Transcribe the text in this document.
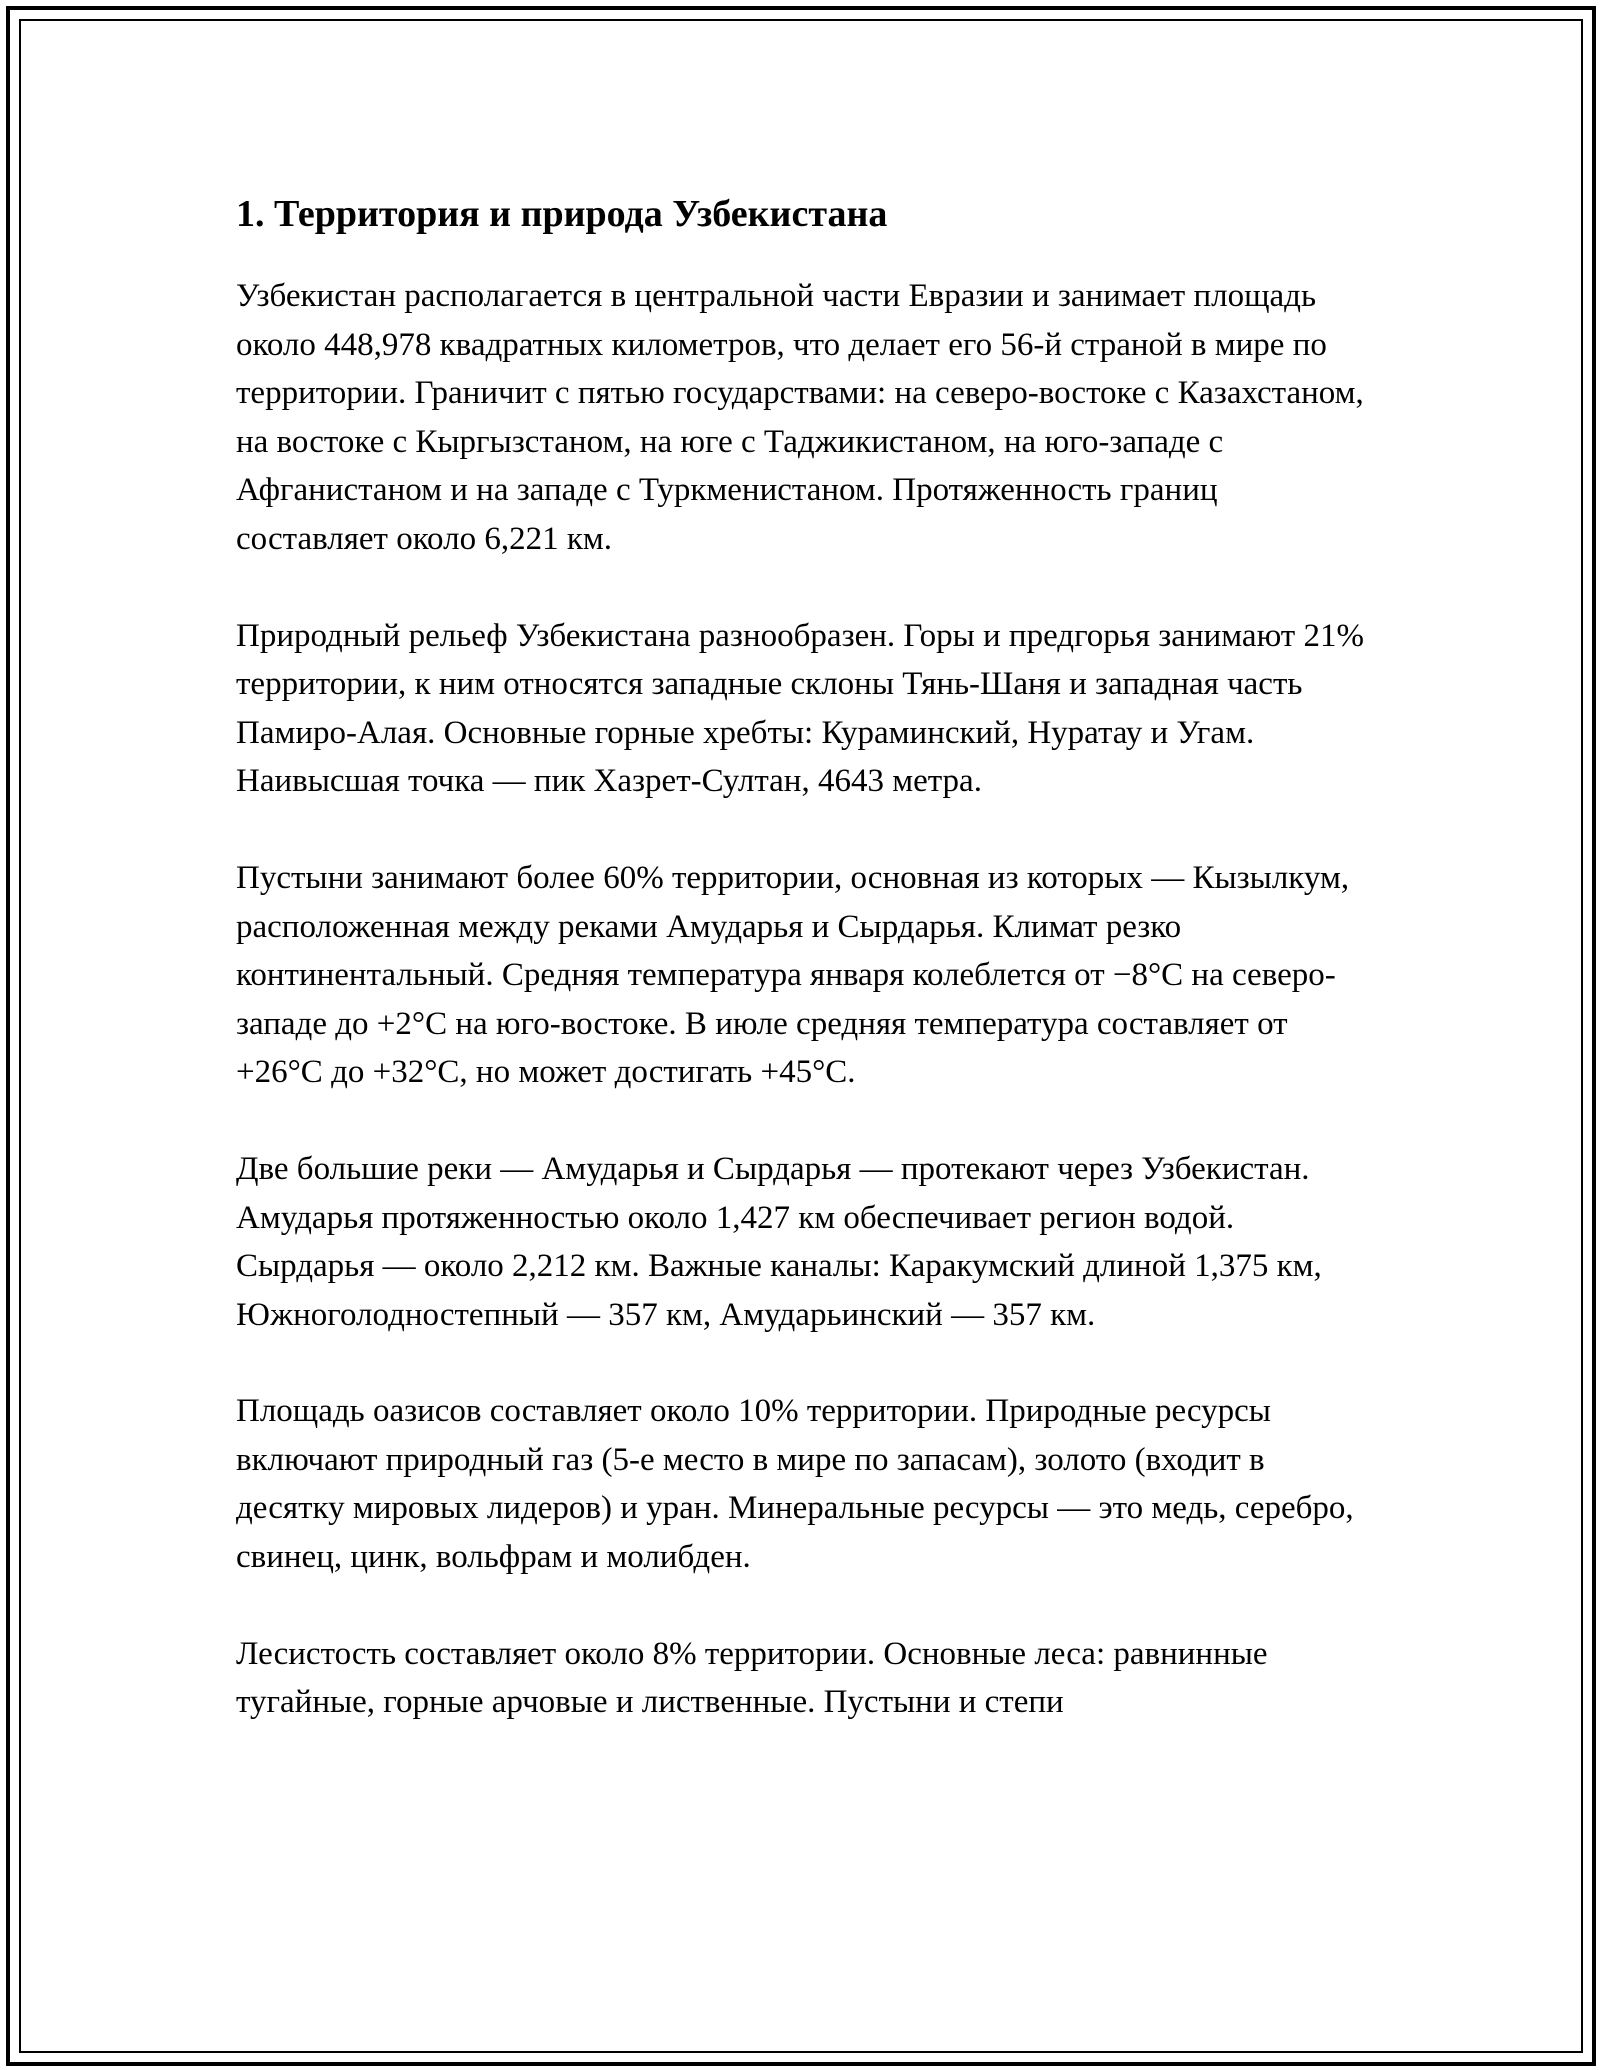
1. Территория и природа Узбекистана

Узбекистан располагается в центральной части Евразии и занимает площадь около 448,978 квадратных километров, что делает его 56-й страной в мире по территории. Граничит с пятью государствами: на северо-востоке с Казахстаном, на востоке с Кыргызстаном, на юге с Таджикистаном, на юго-западе с Афганистаном и на западе с Туркменистаном. Протяженность границ составляет около 6,221 км.

Природный рельеф Узбекистана разнообразен. Горы и предгорья занимают 21% территории, к ним относятся западные склоны Тянь-Шаня и западная часть Памиро-Алая. Основные горные хребты: Кураминский, Нуратау и Угам. Наивысшая точка — пик Хазрет-Султан, 4643 метра.

Пустыни занимают более 60% территории, основная из которых — Кызылкум, расположенная между реками Амударья и Сырдарья. Климат резко континентальный. Средняя температура января колеблется от −8°C на северо-западе до +2°C на юго-востоке. В июле средняя температура составляет от +26°C до +32°C, но может достигать +45°C.

Две большие реки — Амударья и Сырдарья — протекают через Узбекистан. Амударья протяженностью около 1,427 км обеспечивает регион водой. Сырдарья — около 2,212 км. Важные каналы: Каракумский длиной 1,375 км, Южноголодностепный — 357 км, Амударьинский — 357 км.

Площадь оазисов составляет около 10% территории. Природные ресурсы включают природный газ (5-е место в мире по запасам), золото (входит в десятку мировых лидеров) и уран. Минеральные ресурсы — это медь, серебро, свинец, цинк, вольфрам и молибден.

Лесистость составляет около 8% территории. Основные леса: равнинные тугайные, горные арчовые и лиственные. Пустыни и степи
